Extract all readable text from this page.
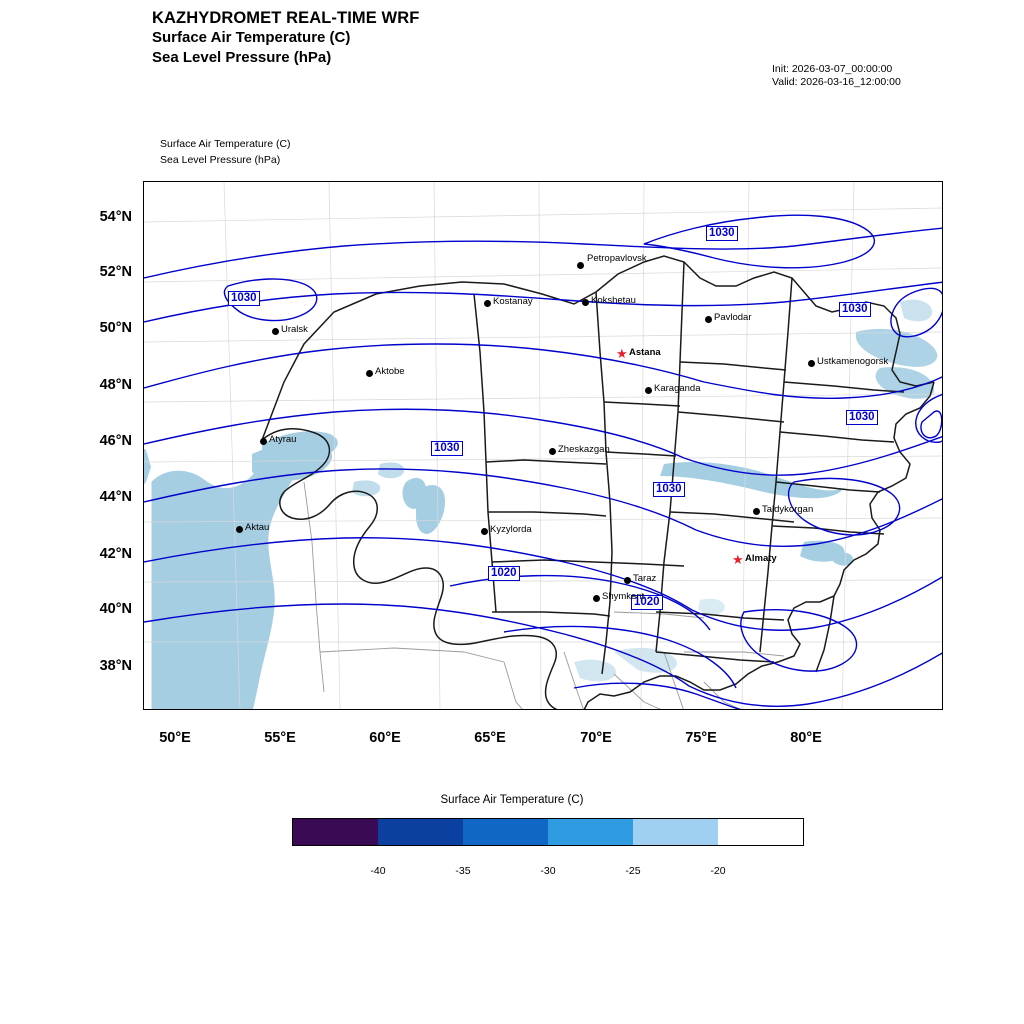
KAZHYDROMET REAL-TIME WRF
Surface Air Temperature (C)
Sea Level Pressure (hPa)
Init: 2026-03-07_00:00:00
Valid: 2026-03-16_12:00:00
Surface Air Temperature (C)
Sea Level Pressure (hPa)
1030
1030
1030
1030
1030
1030
1020
1020
Petropavlovsk
Kostanay	Kokshetau
Uralsk
Pavlodar
Ustkamenogorsk
Aktobe
Karaganda
Atyrau
Zheskazgan
Taldykorgan
Aktau	Kyzylorda
Taraz
Shymkent
★ Astana
★ Almaty
54°N
52°N
50°N
48°N
46°N
44°N
42°N
40°N
38°N
50°E	55°E	60°E	65°E	70°E	75°E	80°E
Surface Air Temperature (C)
-40	-35	-30	-25	-20
